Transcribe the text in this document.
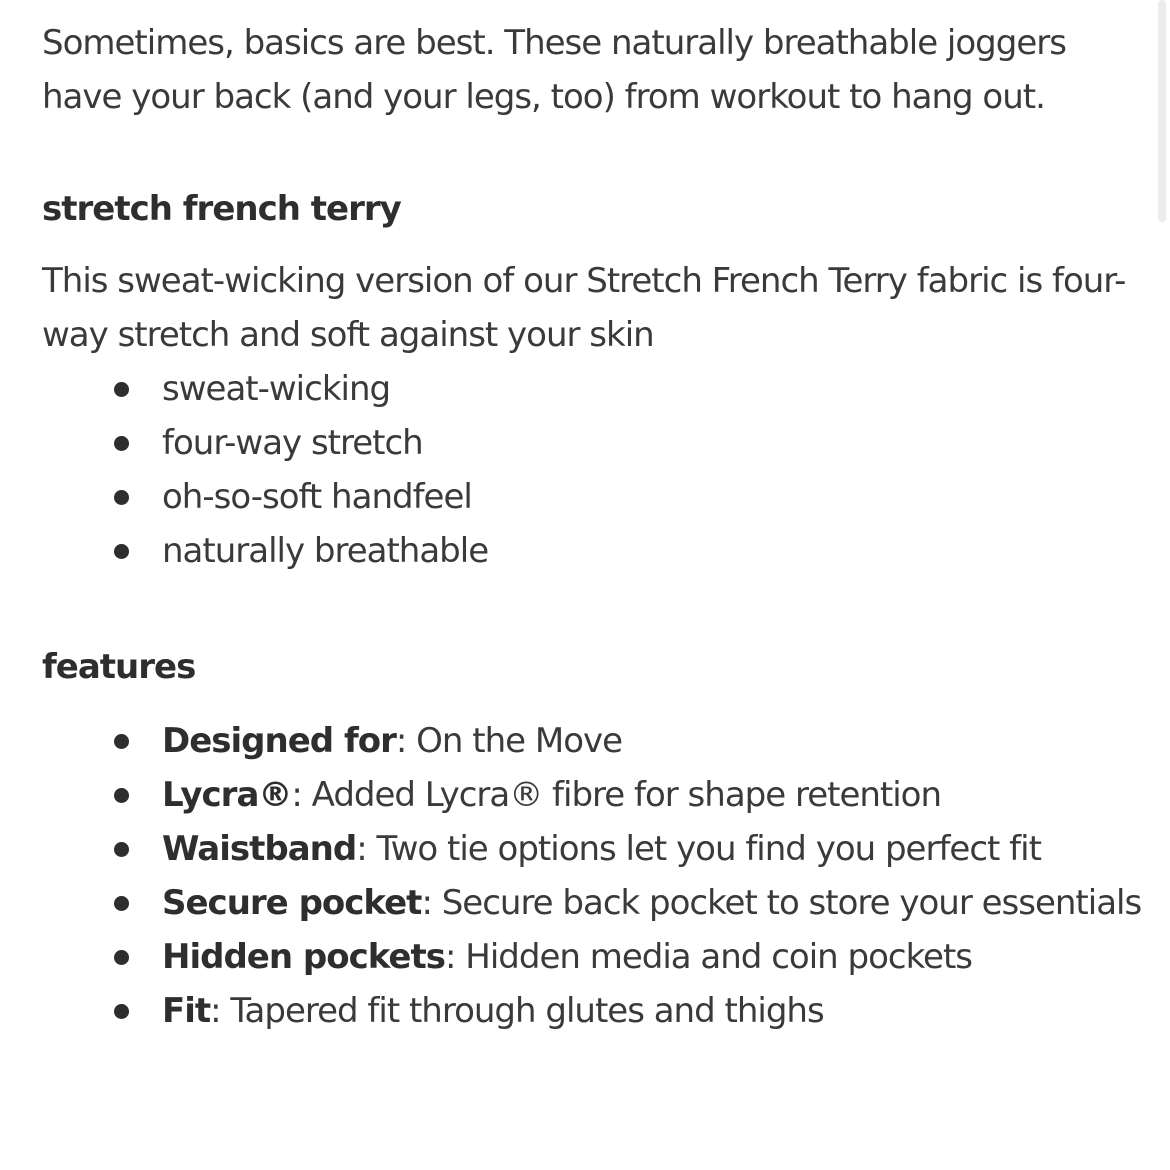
Sometimes, basics are best. These naturally breathable joggers have your back (and your legs, too) from workout to hang out.

stretch french terry

This sweat-wicking version of our Stretch French Terry fabric is four-way stretch and soft against your skin

sweat-wicking
four-way stretch
oh-so-soft handfeel
naturally breathable

features

Designed for: On the Move
Lycra®: Added Lycra® fibre for shape retention
Waistband: Two tie options let you find you perfect fit
Secure pocket: Secure back pocket to store your essentials
Hidden pockets: Hidden media and coin pockets
Fit: Tapered fit through glutes and thighs
